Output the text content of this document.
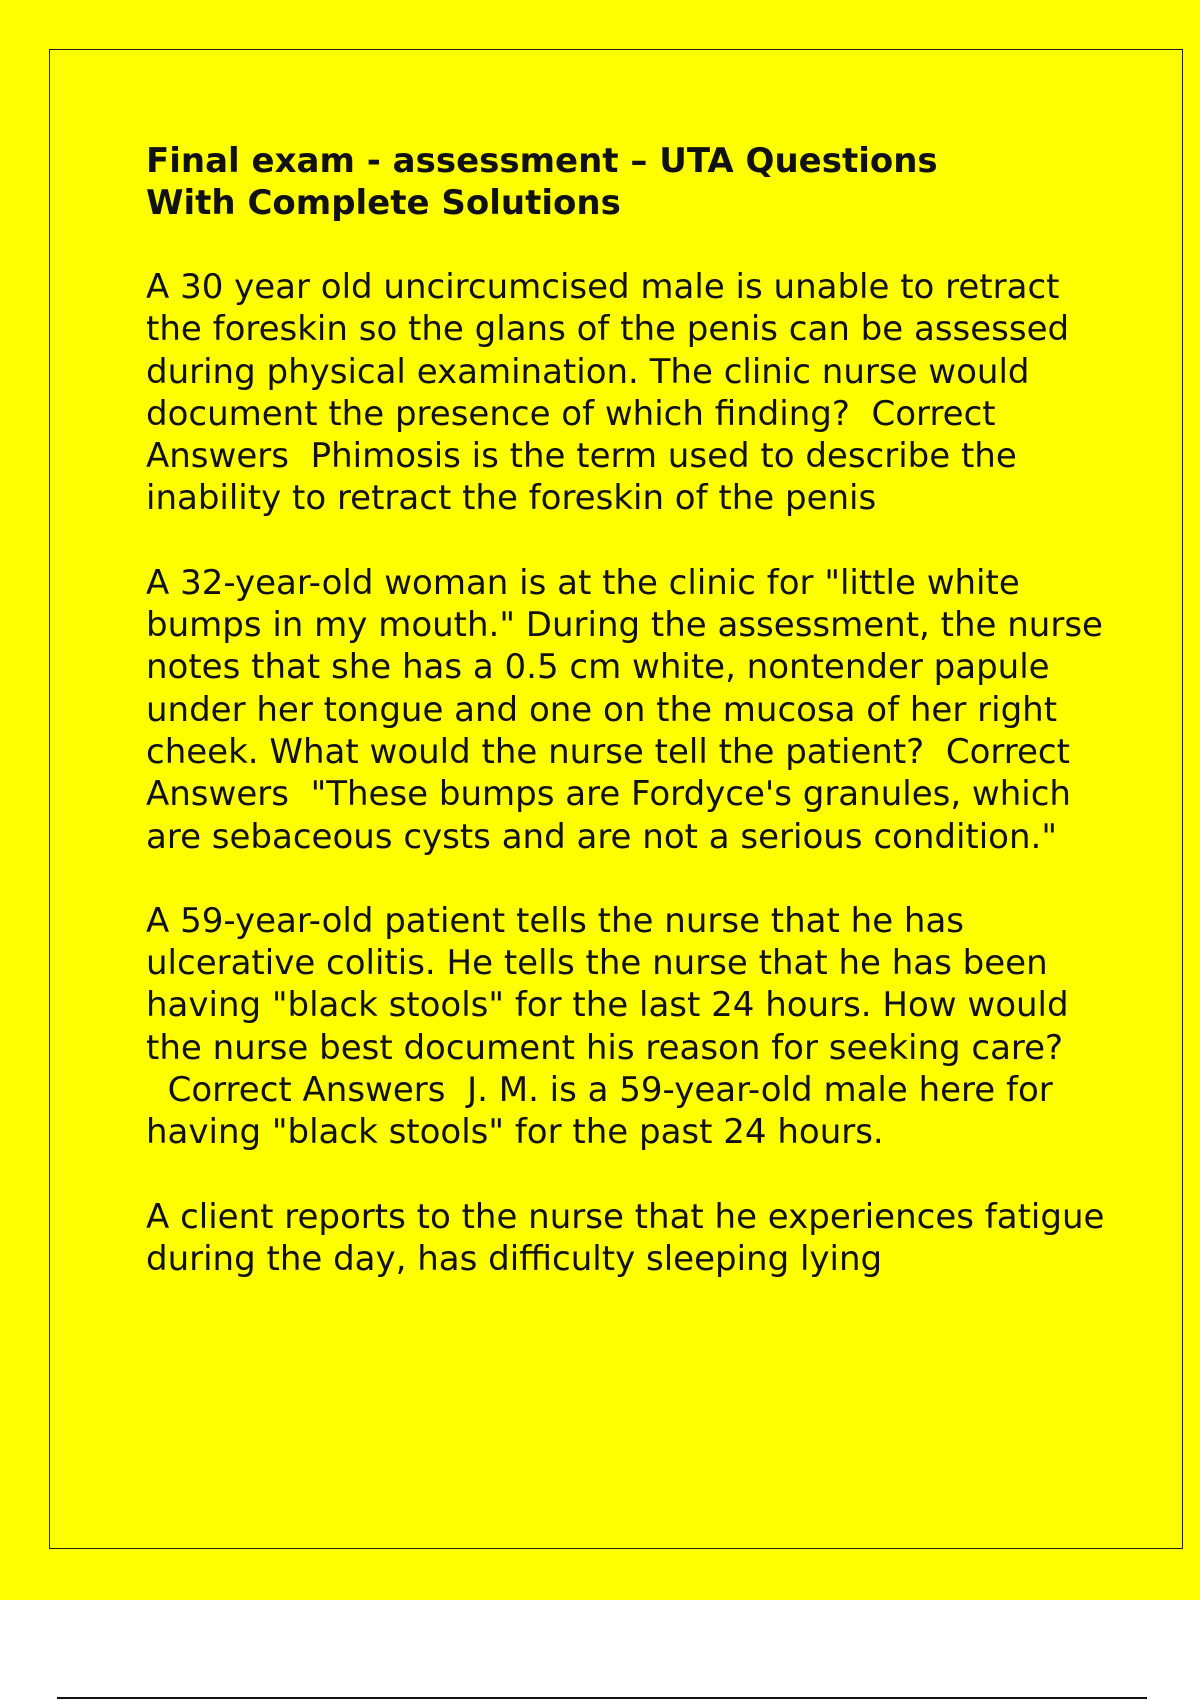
Final exam - assessment – UTA Questions
With Complete Solutions
A 30 year old uncircumcised male is unable to retract the foreskin so the glans of the penis can be assessed during physical examination. The clinic nurse would document the presence of which finding? Correct Answers Phimosis is the term used to describe the inability to retract the foreskin of the penis
A 32-year-old woman is at the clinic for "little white bumps in my mouth." During the assessment, the nurse notes that she has a 0.5 cm white, nontender papule under her tongue and one on the mucosa of her right cheek. What would the nurse tell the patient? Correct Answers "These bumps are Fordyce's granules, which are sebaceous cysts and are not a serious condition."
A 59-year-old patient tells the nurse that he has ulcerative colitis. He tells the nurse that he has been having "black stools" for the last 24 hours. How would the nurse best document his reason for seeking care?  Correct Answers J. M. is a 59-year-old male here for having "black stools" for the past 24 hours.
A client reports to the nurse that he experiences fatigue during the day, has difficulty sleeping lying
